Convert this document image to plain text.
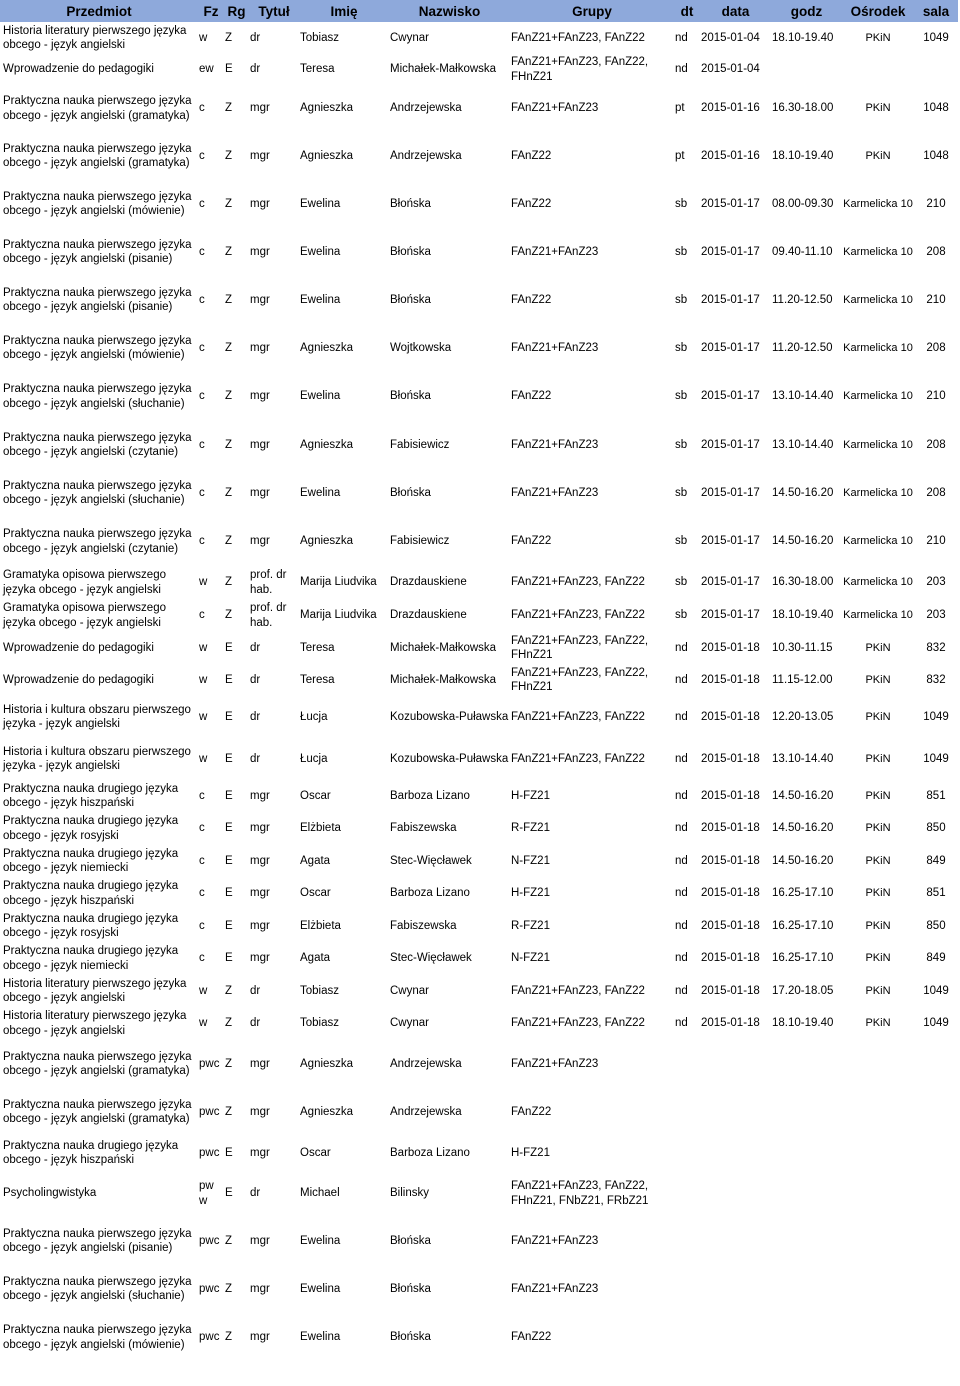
Przedmiot	Fz	Rg	Tytuł	Imię	Nazwisko	Grupy	dt	data	godz	Ośrodek	sala
Historia literatury pierwszego języka obcego - język angielski	w	Z	dr	Tobiasz	Cwynar	FAnZ21+FAnZ23, FAnZ22	nd	2015-01-04	18.10-19.40	PKiN	1049
Wprowadzenie do pedagogiki	ew	E	dr	Teresa	Michałek-Małkowska	FAnZ21+FAnZ23, FAnZ22, FHnZ21	nd	2015-01-04			
Praktyczna nauka pierwszego języka obcego - język angielski (gramatyka)	c	Z	mgr	Agnieszka	Andrzejewska	FAnZ21+FAnZ23	pt	2015-01-16	16.30-18.00	PKiN	1048
Praktyczna nauka pierwszego języka obcego - język angielski (gramatyka)	c	Z	mgr	Agnieszka	Andrzejewska	FAnZ22	pt	2015-01-16	18.10-19.40	PKiN	1048
Praktyczna nauka pierwszego języka obcego - język angielski (mówienie)	c	Z	mgr	Ewelina	Błońska	FAnZ22	sb	2015-01-17	08.00-09.30	Karmelicka 10	210
Praktyczna nauka pierwszego języka obcego - język angielski (pisanie)	c	Z	mgr	Ewelina	Błońska	FAnZ21+FAnZ23	sb	2015-01-17	09.40-11.10	Karmelicka 10	208
Praktyczna nauka pierwszego języka obcego - język angielski (pisanie)	c	Z	mgr	Ewelina	Błońska	FAnZ22	sb	2015-01-17	11.20-12.50	Karmelicka 10	210
Praktyczna nauka pierwszego języka obcego - język angielski (mówienie)	c	Z	mgr	Agnieszka	Wojtkowska	FAnZ21+FAnZ23	sb	2015-01-17	11.20-12.50	Karmelicka 10	208
Praktyczna nauka pierwszego języka obcego - język angielski (słuchanie)	c	Z	mgr	Ewelina	Błońska	FAnZ22	sb	2015-01-17	13.10-14.40	Karmelicka 10	210
Praktyczna nauka pierwszego języka obcego - język angielski (czytanie)	c	Z	mgr	Agnieszka	Fabisiewicz	FAnZ21+FAnZ23	sb	2015-01-17	13.10-14.40	Karmelicka 10	208
Praktyczna nauka pierwszego języka obcego - język angielski (słuchanie)	c	Z	mgr	Ewelina	Błońska	FAnZ21+FAnZ23	sb	2015-01-17	14.50-16.20	Karmelicka 10	208
Praktyczna nauka pierwszego języka obcego - język angielski (czytanie)	c	Z	mgr	Agnieszka	Fabisiewicz	FAnZ22	sb	2015-01-17	14.50-16.20	Karmelicka 10	210
Gramatyka opisowa pierwszego języka obcego - język angielski	w	Z	prof. dr hab.	Marija Liudvika	Drazdauskiene	FAnZ21+FAnZ23, FAnZ22	sb	2015-01-17	16.30-18.00	Karmelicka 10	203
Gramatyka opisowa pierwszego języka obcego - język angielski	c	Z	prof. dr hab.	Marija Liudvika	Drazdauskiene	FAnZ21+FAnZ23, FAnZ22	sb	2015-01-17	18.10-19.40	Karmelicka 10	203
Wprowadzenie do pedagogiki	w	E	dr	Teresa	Michałek-Małkowska	FAnZ21+FAnZ23, FAnZ22, FHnZ21	nd	2015-01-18	10.30-11.15	PKiN	832
Wprowadzenie do pedagogiki	w	E	dr	Teresa	Michałek-Małkowska	FAnZ21+FAnZ23, FAnZ22, FHnZ21	nd	2015-01-18	11.15-12.00	PKiN	832
Historia i kultura obszaru pierwszego języka - język angielski	w	E	dr	Łucja	Kozubowska-Puławska	FAnZ21+FAnZ23, FAnZ22	nd	2015-01-18	12.20-13.05	PKiN	1049
Historia i kultura obszaru pierwszego języka - język angielski	w	E	dr	Łucja	Kozubowska-Puławska	FAnZ21+FAnZ23, FAnZ22	nd	2015-01-18	13.10-14.40	PKiN	1049
Praktyczna nauka drugiego języka obcego - język hiszpański	c	E	mgr	Oscar	Barboza Lizano	H-FZ21	nd	2015-01-18	14.50-16.20	PKiN	851
Praktyczna nauka drugiego języka obcego - język rosyjski	c	E	mgr	Elżbieta	Fabiszewska	R-FZ21	nd	2015-01-18	14.50-16.20	PKiN	850
Praktyczna nauka drugiego języka obcego - język niemiecki	c	E	mgr	Agata	Stec-Więcławek	N-FZ21	nd	2015-01-18	14.50-16.20	PKiN	849
Praktyczna nauka drugiego języka obcego - język hiszpański	c	E	mgr	Oscar	Barboza Lizano	H-FZ21	nd	2015-01-18	16.25-17.10	PKiN	851
Praktyczna nauka drugiego języka obcego - język rosyjski	c	E	mgr	Elżbieta	Fabiszewska	R-FZ21	nd	2015-01-18	16.25-17.10	PKiN	850
Praktyczna nauka drugiego języka obcego - język niemiecki	c	E	mgr	Agata	Stec-Więcławek	N-FZ21	nd	2015-01-18	16.25-17.10	PKiN	849
Historia literatury pierwszego języka obcego - język angielski	w	Z	dr	Tobiasz	Cwynar	FAnZ21+FAnZ23, FAnZ22	nd	2015-01-18	17.20-18.05	PKiN	1049
Historia literatury pierwszego języka obcego - język angielski	w	Z	dr	Tobiasz	Cwynar	FAnZ21+FAnZ23, FAnZ22	nd	2015-01-18	18.10-19.40	PKiN	1049
Praktyczna nauka pierwszego języka obcego - język angielski (gramatyka)	pwc	Z	mgr	Agnieszka	Andrzejewska	FAnZ21+FAnZ23					
Praktyczna nauka pierwszego języka obcego - język angielski (gramatyka)	pwc	Z	mgr	Agnieszka	Andrzejewska	FAnZ22					
Praktyczna nauka drugiego języka obcego - język hiszpański	pwc	E	mgr	Oscar	Barboza Lizano	H-FZ21					
Psycholingwistyka	pw w	E	dr	Michael	Bilinsky	FAnZ21+FAnZ23, FAnZ22, FHnZ21, FNbZ21, FRbZ21					
Praktyczna nauka pierwszego języka obcego - język angielski (pisanie)	pwc	Z	mgr	Ewelina	Błońska	FAnZ21+FAnZ23					
Praktyczna nauka pierwszego języka obcego - język angielski (słuchanie)	pwc	Z	mgr	Ewelina	Błońska	FAnZ21+FAnZ23					
Praktyczna nauka pierwszego języka obcego - język angielski (mówienie)	pwc	Z	mgr	Ewelina	Błońska	FAnZ22					
